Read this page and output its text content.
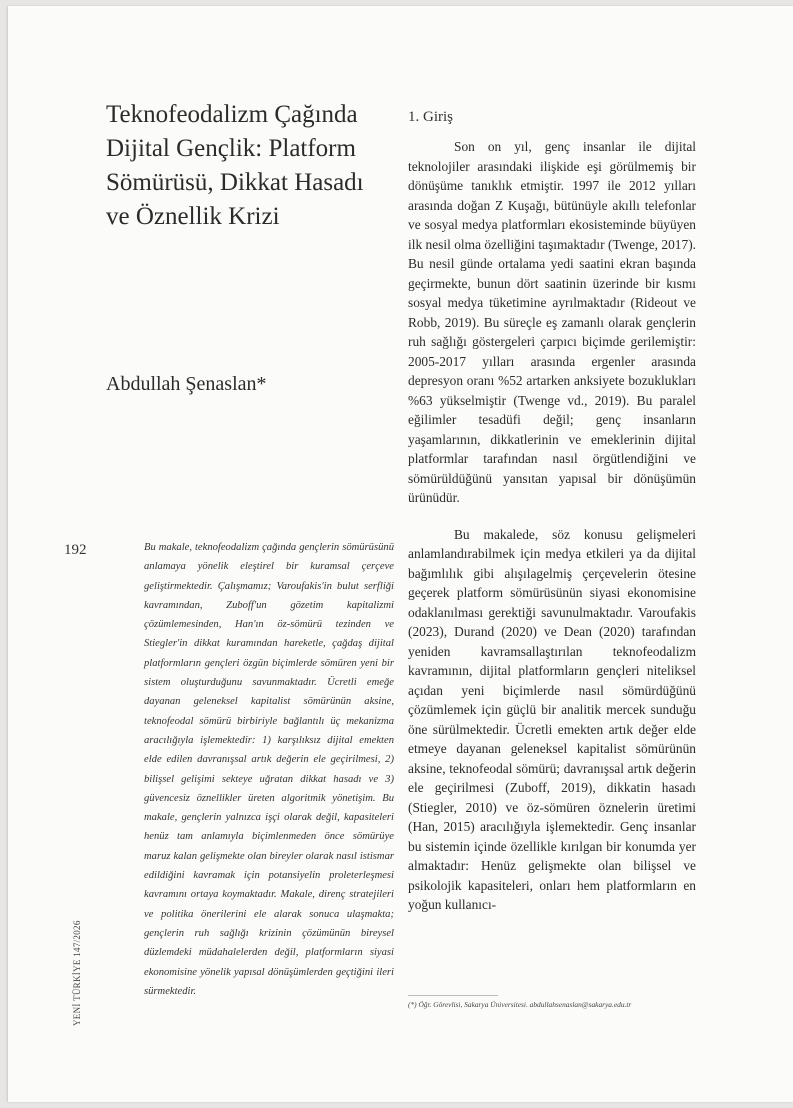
Teknofeodalizm Çağında
Dijital Gençlik: Platform
Sömürüsü, Dikkat Hasadı
ve Öznellik Krizi
Abdullah Şenaslan*
192
YENİ TÜRKİYE 147/2026

Bu makale, teknofeodalizm çağında gençlerin sömürüsünü anlamaya yönelik eleştirel bir kuramsal çerçeve geliştirmektedir. Çalışmamız; Varoufakis'in bulut serfliği kavramından, Zuboff'un gözetim kapitalizmi çözümlemesinden, Han'ın öz-sömürü tezinden ve Stiegler'in dikkat kuramından hareketle, çağdaş dijital platformların gençleri özgün biçimlerde sömüren yeni bir sistem oluşturduğunu savunmaktadır. Ücretli emeğe dayanan geleneksel kapitalist sömürünün aksine, teknofeodal sömürü birbiriyle bağlantılı üç mekanizma aracılığıyla işlemektedir: 1) karşılıksız dijital emekten elde edilen davranışsal artık değerin ele geçirilmesi, 2) bilişsel gelişimi sekteye uğratan dikkat hasadı ve 3) güvencesiz öznellikler üreten algoritmik yönetişim. Bu makale, gençlerin yalnızca işçi olarak değil, kapasiteleri henüz tam anlamıyla biçimlenmeden önce sömürüye maruz kalan gelişmekte olan bireyler olarak nasıl istismar edildiğini kavramak için potansiyelin proleterleşmesi kavramını ortaya koymaktadır. Makale, direnç stratejileri ve politika önerilerini ele alarak sonuca ulaşmakta; gençlerin ruh sağlığı krizinin çözümünün bireysel düzlemdeki müdahalelerden değil, platformların siyasi ekonomisine yönelik yapısal dönüşümlerden geçtiğini ileri sürmektedir.

1. Giriş

Son on yıl, genç insanlar ile dijital teknolojiler arasındaki ilişkide eşi görülmemiş bir dönüşüme tanıklık etmiştir. 1997 ile 2012 yılları arasında doğan Z Kuşağı, bütünüyle akıllı telefonlar ve sosyal medya platformları ekosisteminde büyüyen ilk nesil olma özelliğini taşımaktadır (Twenge, 2017). Bu nesil günde ortalama yedi saatini ekran başında geçirmekte, bunun dört saatinin üzerinde bir kısmı sosyal medya tüketimine ayrılmaktadır (Rideout ve Robb, 2019). Bu süreçle eş zamanlı olarak gençlerin ruh sağlığı göstergeleri çarpıcı biçimde gerilemiştir: 2005-2017 yılları arasında ergenler arasında depresyon oranı %52 artarken anksiyete bozuklukları %63 yükselmiştir (Twenge vd., 2019). Bu paralel eğilimler tesadüfi değil; genç insanların yaşamlarının, dikkatlerinin ve emeklerinin dijital platformlar tarafından nasıl örgütlendiğini ve sömürüldüğünü yansıtan yapısal bir dönüşümün ürünüdür.

Bu makalede, söz konusu gelişmeleri anlamlandırabilmek için medya etkileri ya da dijital bağımlılık gibi alışılagelmiş çerçevelerin ötesine geçerek platform sömürüsünün siyasi ekonomisine odaklanılması gerektiği savunulmaktadır. Varoufakis (2023), Durand (2020) ve Dean (2020) tarafından yeniden kavramsallaştırılan teknofeodalizm kavramının, dijital platformların gençleri niteliksel açıdan yeni biçimlerde nasıl sömürdüğünü çözümlemek için güçlü bir analitik mercek sunduğu öne sürülmektedir. Ücretli emekten artık değer elde etmeye dayanan geleneksel kapitalist sömürünün aksine, teknofeodal sömürü; davranışsal artık değerin ele geçirilmesi (Zuboff, 2019), dikkatin hasadı (Stiegler, 2010) ve öz-sömüren öznelerin üretimi (Han, 2015) aracılığıyla işlemektedir. Genç insanlar bu sistemin içinde özellikle kırılgan bir konumda yer almaktadır: Henüz gelişmekte olan bilişsel ve psikolojik kapasiteleri, onları hem platformların en yoğun kullanıcı-

(*) Öğr. Görevlisi, Sakarya Üniversitesi. abdullahsenaslan@sakarya.edu.tr
